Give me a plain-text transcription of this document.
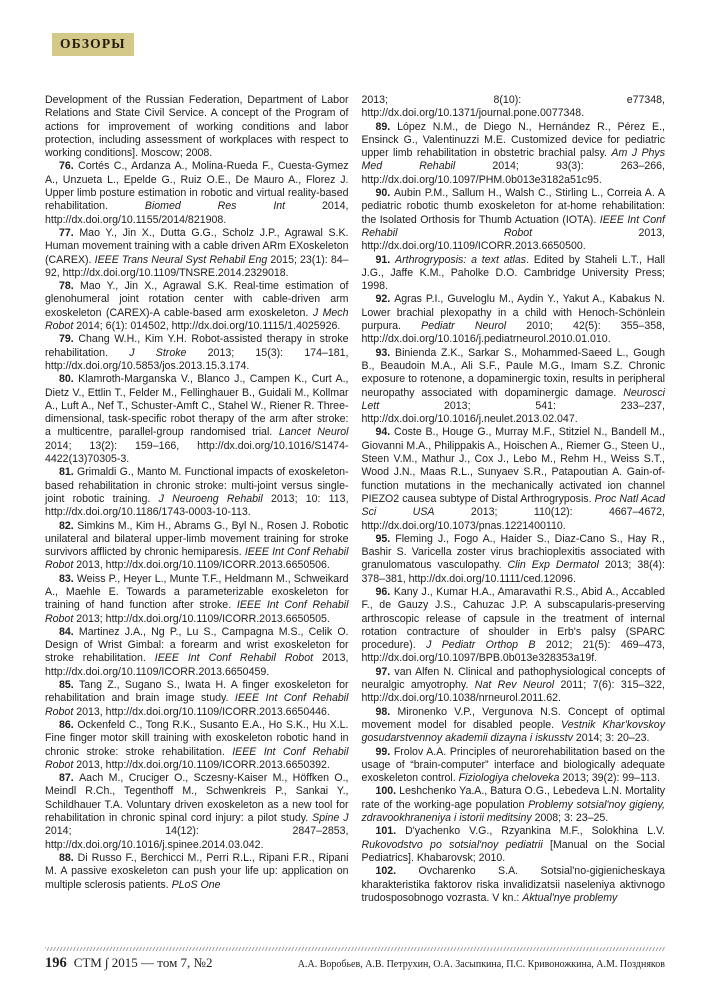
ОБЗОРЫ

Development of the Russian Federation, Department of Labor Relations and State Civil Service. A concept of the Program of actions for improvement of working conditions and labor protection, including assessment of workplaces with respect to working conditions]. Moscow; 2008.

76. Cortés C., Ardanza A., Molina-Rueda F., Cuesta-Gymez A., Unzueta L., Epelde G., Ruiz O.E., De Mauro A., Florez J. Upper limb posture estimation in robotic and virtual reality-based rehabilitation. Biomed Res Int 2014, http://dx.doi.org/10.1155/2014/821908.

77. Mao Y., Jin X., Dutta G.G., Scholz J.P., Agrawal S.K. Human movement training with a cable driven ARm EXoskeleton (CAREX). IEEE Trans Neural Syst Rehabil Eng 2015; 23(1): 84–92, http://dx.doi.org/10.1109/TNSRE.2014.2329018.

78. Mao Y., Jin X., Agrawal S.K. Real-time estimation of glenohumeral joint rotation center with cable-driven arm exoskeleton (CAREX)-A cable-based arm exoskeleton. J Mech Robot 2014; 6(1): 014502, http://dx.doi.org/10.1115/1.4025926.

79. Chang W.H., Kim Y.H. Robot-assisted therapy in stroke rehabilitation. J Stroke 2013; 15(3): 174–181, http://dx.doi.org/10.5853/jos.2013.15.3.174.

80. Klamroth-Marganska V., Blanco J., Campen K., Curt A., Dietz V., Ettlin T., Felder M., Fellinghauer B., Guidali M., Kollmar A., Luft A., Nef T., Schuster-Amft C., Stahel W., Riener R. Three-dimensional, task-specific robot therapy of the arm after stroke: a multicentre, parallel-group randomised trial. Lancet Neurol 2014; 13(2): 159–166, http://dx.doi.org/10.1016/S1474-4422(13)70305-3.

81. Grimaldi G., Manto M. Functional impacts of exoskeleton-based rehabilitation in chronic stroke: multi-joint versus single-joint robotic training. J Neuroeng Rehabil 2013; 10: 113, http://dx.doi.org/10.1186/1743-0003-10-113.

82. Simkins M., Kim H., Abrams G., Byl N., Rosen J. Robotic unilateral and bilateral upper-limb movement training for stroke survivors afflicted by chronic hemiparesis. IEEE Int Conf Rehabil Robot 2013, http://dx.doi.org/10.1109/ICORR.2013.6650506.

83. Weiss P., Heyer L., Munte T.F., Heldmann M., Schweikard A., Maehle E. Towards a parameterizable exoskeleton for training of hand function after stroke. IEEE Int Conf Rehabil Robot 2013; http://dx.doi.org/10.1109/ICORR.2013.6650505.

84. Martinez J.A., Ng P., Lu S., Campagna M.S., Celik O. Design of Wrist Gimbal: a forearm and wrist exoskeleton for stroke rehabilitation. IEEE Int Conf Rehabil Robot 2013, http://dx.doi.org/10.1109/ICORR.2013.6650459.

85. Tang Z., Sugano S., Iwata H. A finger exoskeleton for rehabilitation and brain image study. IEEE Int Conf Rehabil Robot 2013, http://dx.doi.org/10.1109/ICORR.2013.6650446.

86. Ockenfeld C., Tong R.K., Susanto E.A., Ho S.K., Hu X.L. Fine finger motor skill training with exoskeleton robotic hand in chronic stroke: stroke rehabilitation. IEEE Int Conf Rehabil Robot 2013, http://dx.doi.org/10.1109/ICORR.2013.6650392.

87. Aach M., Cruciger O., Sczesny-Kaiser M., Höffken O., Meindl R.Ch., Tegenthoff M., Schwenkreis P., Sankai Y., Schildhauer T.A. Voluntary driven exoskeleton as a new tool for rehabilitation in chronic spinal cord injury: a pilot study. Spine J 2014; 14(12): 2847–2853, http://dx.doi.org/10.1016/j.spinee.2014.03.042.

88. Di Russo F., Berchicci M., Perri R.L., Ripani F.R., Ripani M. A passive exoskeleton can push your life up: application on multiple sclerosis patients. PLoS One

2013; 8(10): e77348, http://dx.doi.org/10.1371/journal.pone.0077348.

89. López N.M., de Diego N., Hernández R., Pérez E., Ensinck G., Valentinuzzi M.E. Customized device for pediatric upper limb rehabilitation in obstetric brachial palsy. Am J Phys Med Rehabil 2014; 93(3): 263–266, http://dx.doi.org/10.1097/PHM.0b013e3182a51c95.

90. Aubin P.M., Sallum H., Walsh C., Stirling L., Correia A. A pediatric robotic thumb exoskeleton for at-home rehabilitation: the Isolated Orthosis for Thumb Actuation (IOTA). IEEE Int Conf Rehabil Robot 2013, http://dx.doi.org/10.1109/ICORR.2013.6650500.

91. Arthrogryposis: a text atlas. Edited by Staheli L.T., Hall J.G., Jaffe K.M., Paholke D.O. Cambridge University Press; 1998.

92. Agras P.I., Guveloglu M., Aydin Y., Yakut A., Kabakus N. Lower brachial plexopathy in a child with Henoch-Schönlein purpura. Pediatr Neurol 2010; 42(5): 355–358, http://dx.doi.org/10.1016/j.pediatrneurol.2010.01.010.

93. Binienda Z.K., Sarkar S., Mohammed-Saeed L., Gough B., Beaudoin M.A., Ali S.F., Paule M.G., Imam S.Z. Chronic exposure to rotenone, a dopaminergic toxin, results in peripheral neuropathy associated with dopaminergic damage. Neurosci Lett 2013; 541: 233–237, http://dx.doi.org/10.1016/j.neulet.2013.02.047.

94. Coste B., Houge G., Murray M.F., Stitziel N., Bandell M., Giovanni M.A., Philippakis A., Hoischen A., Riemer G., Steen U., Steen V.M., Mathur J., Cox J., Lebo M., Rehm H., Weiss S.T., Wood J.N., Maas R.L., Sunyaev S.R., Patapoutian A. Gain-of-function mutations in the mechanically activated ion channel PIEZO2 causea subtype of Distal Arthrogryposis. Proc Natl Acad Sci USA 2013; 110(12): 4667–4672, http://dx.doi.org/10.1073/pnas.1221400110.

95. Fleming J., Fogo A., Haider S., Diaz-Cano S., Hay R., Bashir S. Varicella zoster virus brachioplexitis associated with granulomatous vasculopathy. Clin Exp Dermatol 2013; 38(4): 378–381, http://dx.doi.org/10.1111/ced.12096.

96. Kany J., Kumar H.A., Amaravathi R.S., Abid A., Accabled F., de Gauzy J.S., Cahuzac J.P. A subscapularis-preserving arthroscopic release of capsule in the treatment of internal rotation contracture of shoulder in Erb's palsy (SPARC procedure). J Pediatr Orthop B 2012; 21(5): 469–473, http://dx.doi.org/10.1097/BPB.0b013e328353a19f.

97. van Alfen N. Clinical and pathophysiological concepts of neuralgic amyotrophy. Nat Rev Neurol 2011; 7(6): 315–322, http://dx.doi.org/10.1038/nrneurol.2011.62.

98. Mironenko V.P., Vergunova N.S. Concept of optimal movement model for disabled people. Vestnik Khar'kovskoy gosudarstvennoy akademii dizayna i iskusstv 2014; 3: 20–23.

99. Frolov A.A. Principles of neurorehabilitation based on the usage of “brain-computer” interface and biologically adequate exoskeleton control. Fiziologiya cheloveka 2013; 39(2): 99–113.

100. Leshchenko Ya.A., Batura O.G., Lebedeva L.N. Mortality rate of the working-age population Problemy sotsial'noy gigieny, zdravookhraneniya i istorii meditsiny 2008; 3: 23–25.

101. D'yachenko V.G., Rzyankina M.F., Solokhina L.V. Rukovodstvo po sotsial'noy pediatrii [Manual on the Social Pediatrics]. Khabarovsk; 2010.

102. Ovcharenko S.A. Sotsial'no-gigienicheskaya kharakteristika faktorov riska invalidizatsii naseleniya aktivnogo trudosposobnogo vozrasta. V kn.: Aktual'nye problemy

196 СТМ ∫ 2015 — том 7, №2	А.А. Воробьев, А.В. Петрухин, О.А. Засыпкина, П.С. Кривоножкина, А.М. Поздняков
